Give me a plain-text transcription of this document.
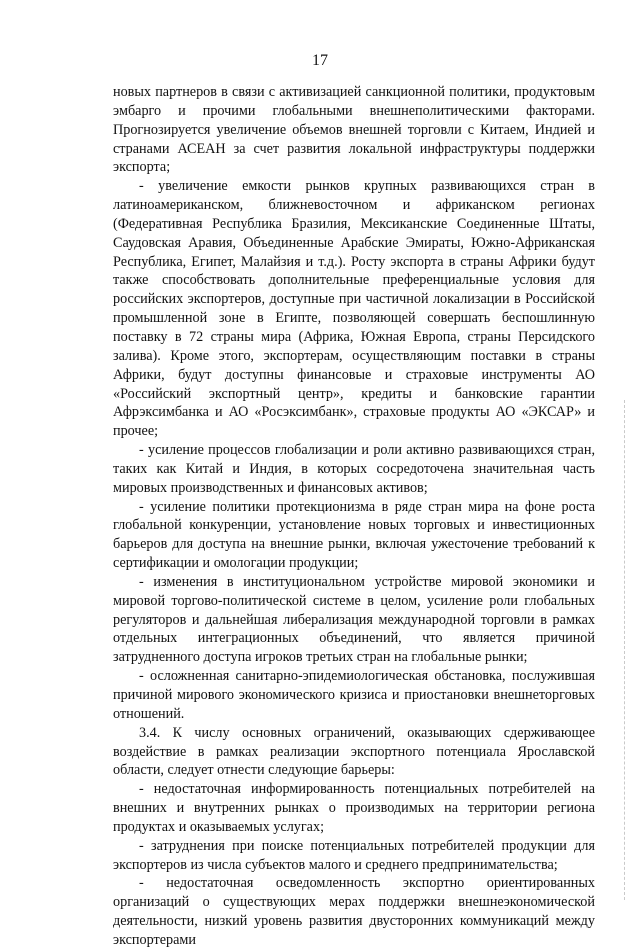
17

новых партнеров в связи с активизацией санкционной политики, продуктовым эмбарго и прочими глобальными внешнеполитическими факторами. Прогнозируется увеличение объемов внешней торговли с Китаем, Индией и странами АСЕАН за счет развития локальной инфраструктуры поддержки экспорта;

- увеличение емкости рынков крупных развивающихся стран в латиноамериканском, ближневосточном и африканском регионах (Федеративная Республика Бразилия, Мексиканские Соединенные Штаты, Саудовская Аравия, Объединенные Арабские Эмираты, Южно-Африканская Республика, Египет, Малайзия и т.д.). Росту экспорта в страны Африки будут также способствовать дополнительные преференциальные условия для российских экспортеров, доступные при частичной локализации в Российской промышленной зоне в Египте, позволяющей совершать беспошлинную поставку в 72 страны мира (Африка, Южная Европа, страны Персидского залива). Кроме этого, экспортерам, осуществляющим поставки в страны Африки, будут доступны финансовые и страховые инструменты АО «Российский экспортный центр», кредиты и банковские гарантии Афрэксимбанка и АО «Росэксимбанк», страховые продукты АО «ЭКСАР» и прочее;

- усиление процессов глобализации и роли активно развивающихся стран, таких как Китай и Индия, в которых сосредоточена значительная часть мировых производственных и финансовых активов;

- усиление политики протекционизма в ряде стран мира на фоне роста глобальной конкуренции, установление новых торговых и инвестиционных барьеров для доступа на внешние рынки, включая ужесточение требований к сертификации и омологации продукции;

- изменения в институциональном устройстве мировой экономики и мировой торгово-политической системе в целом, усиление роли глобальных регуляторов и дальнейшая либерализация международной торговли в рамках отдельных интеграционных объединений, что является причиной затрудненного доступа игроков третьих стран на глобальные рынки;

- осложненная санитарно-эпидемиологическая обстановка, послужившая причиной мирового экономического кризиса и приостановки внешнеторговых отношений.

3.4. К числу основных ограничений, оказывающих сдерживающее воздействие в рамках реализации экспортного потенциала Ярославской области, следует отнести следующие барьеры:

- недостаточная информированность потенциальных потребителей на внешних и внутренних рынках о производимых на территории региона продуктах и оказываемых услугах;

- затруднения при поиске потенциальных потребителей продукции для экспортеров из числа субъектов малого и среднего предпринимательства;

- недостаточная осведомленность экспортно ориентированных организаций о существующих мерах поддержки внешнеэкономической деятельности, низкий уровень развития двусторонних коммуникаций между экспортерами
